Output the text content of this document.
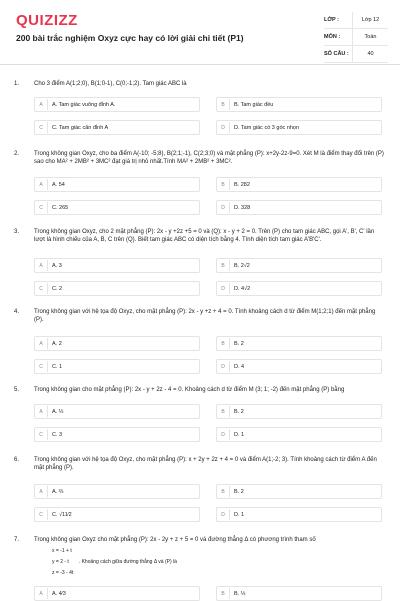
QUIZIZZ
200 bài trắc nghiệm Oxyz cực hay có lời giải chi tiết (P1)
LỚP :	Lớp 12
MÔN :	Toán
SỐ CÂU :	40
1.	Cho 3 điểm A(1;2;0), B(1;0-1), C(0;-1;2). Tam giác ABC là
A	A. Tam giác vuông đỉnh A.	B	B. Tam giác đều
C	C. Tam giác cân đỉnh A	D	D. Tam giác có 3 góc nhọn
2.	Trong không gian Oxyz, cho ba điểm A(-10; -5;8), B(2;1;-1), C(2;3;0) và mặt phẳng (P): x+2y-2z-9=0. Xét M là điểm thay đổi trên (P) sao cho MA² + 2MB² + 3MC² đạt giá trị nhỏ nhất.Tính MA² + 2MB² + 3MC².
A	A. 54	B	B. 282
C	C. 265	D	D. 328
3.	Trong không gian Oxyz, cho 2 mặt phẳng (P): 2x - y +2z +5 = 0 và (Q): x - y + 2 = 0. Trên (P) cho tam giác ABC, gọi A', B', C' lần lượt là hình chiếu của A, B, C trên (Q). Biết tam giác ABC có diện tích bằng 4. Tính diện tích tam giác A'B'C'.
A	A. 3	B	B. 2√2
C	C. 2	D	D. 4√2
4.	Trong không gian với hệ tọa độ Oxyz, cho mặt phẳng (P): 2x - y +z + 4 = 0. Tính khoảng cách d từ điểm M(1;2;1) đến mặt phẳng (P).
A	A. 2	B	B. 2
C	C. 1	D	D. 4
5.	Trong không gian cho mặt phẳng (P): 2x - y + 2z - 4 = 0. Khoảng cách d từ điểm M (3; 1; -2) đến mặt phẳng (P) bằng
A	A. ⅓	B	B. 2
C	C. 3	D	D. 1
6.	Trong không gian với hệ tọa độ Oxyz, cho mặt phẳng (P): x + 2y + 2z + 4 = 0 và điểm A(1;-2; 3). Tính khoảng cách từ điểm A đến mặt phẳng (P).
A	A. ⅔	B	B. 2
C	C. √11⁄2	D	D. 1
7.	Trong không gian Oxyz cho mặt phẳng (P): 2x - 2y + z + 5 = 0 và đường thẳng Δ có phương trình tham số
x = -1 + t
y = 2 - t . Khoảng cách giữa đường thẳng Δ và (P) là
z = -3 - 4t
A	A. 4⁄3	B	B. ⅓
